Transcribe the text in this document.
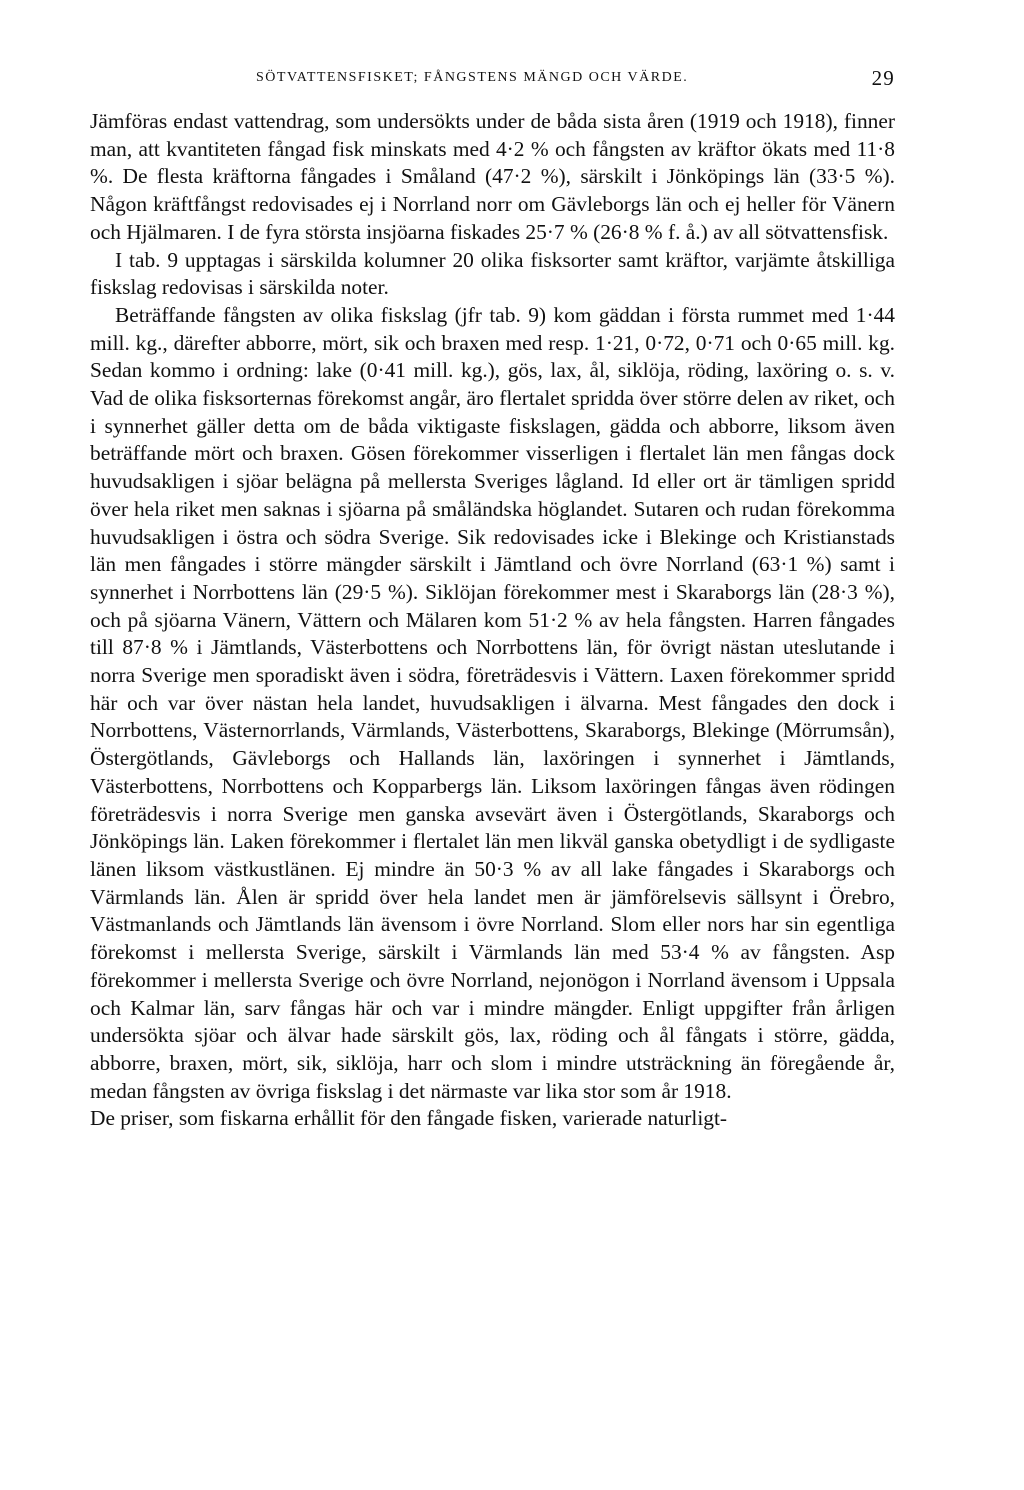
SÖTVATTENSFISKET; FÅNGSTENS MÄNGD OCH VÄRDE.	29

Jämföras endast vattendrag, som undersökts under de båda sista åren (1919 och 1918), finner man, att kvantiteten fångad fisk minskats med 4·2 % och fångsten av kräftor ökats med 11·8 %. De flesta kräftorna fångades i Småland (47·2 %), särskilt i Jönköpings län (33·5 %). Någon kräftfångst redovisades ej i Norrland norr om Gävleborgs län och ej heller för Vänern och Hjälmaren. I de fyra största insjöarna fiskades 25·7 % (26·8 % f. å.) av all sötvattensfisk.

I tab. 9 upptagas i särskilda kolumner 20 olika fisksorter samt kräftor, varjämte åtskilliga fiskslag redovisas i särskilda noter.

Beträffande fångsten av olika fiskslag (jfr tab. 9) kom gäddan i första rummet med 1·44 mill. kg., därefter abborre, mört, sik och braxen med resp. 1·21, 0·72, 0·71 och 0·65 mill. kg. Sedan kommo i ordning: lake (0·41 mill. kg.), gös, lax, ål, siklöja, röding, laxöring o. s. v. Vad de olika fisksorternas förekomst angår, äro flertalet spridda över större delen av riket, och i synnerhet gäller detta om de båda viktigaste fiskslagen, gädda och abborre, liksom även beträffande mört och braxen. Gösen förekommer visserligen i flertalet län men fångas dock huvudsakligen i sjöar belägna på mellersta Sveriges lågland. Id eller ort är tämligen spridd över hela riket men saknas i sjöarna på småländska höglandet. Sutaren och rudan förekomma huvudsakligen i östra och södra Sverige. Sik redovisades icke i Blekinge och Kristianstads län men fångades i större mängder särskilt i Jämtland och övre Norrland (63·1 %) samt i synnerhet i Norrbottens län (29·5 %). Siklöjan förekommer mest i Skaraborgs län (28·3 %), och på sjöarna Vänern, Vättern och Mälaren kom 51·2 % av hela fångsten. Harren fångades till 87·8 % i Jämtlands, Västerbottens och Norrbottens län, för övrigt nästan uteslutande i norra Sverige men sporadiskt även i södra, företrädesvis i Vättern. Laxen förekommer spridd här och var över nästan hela landet, huvudsakligen i älvarna. Mest fångades den dock i Norrbottens, Västernorrlands, Värmlands, Västerbottens, Skaraborgs, Blekinge (Mörrumsån), Östergötlands, Gävleborgs och Hallands län, laxöringen i synnerhet i Jämtlands, Västerbottens, Norrbottens och Kopparbergs län. Liksom laxöringen fångas även rödingen företrädesvis i norra Sverige men ganska avsevärt även i Östergötlands, Skaraborgs och Jönköpings län. Laken förekommer i flertalet län men likväl ganska obetydligt i de sydligaste länen liksom västkustlänen. Ej mindre än 50·3 % av all lake fångades i Skaraborgs och Värmlands län. Ålen är spridd över hela landet men är jämförelsevis sällsynt i Örebro, Västmanlands och Jämtlands län ävensom i övre Norrland. Slom eller nors har sin egentliga förekomst i mellersta Sverige, särskilt i Värmlands län med 53·4 % av fångsten. Asp förekommer i mellersta Sverige och övre Norrland, nejonögon i Norrland ävensom i Uppsala och Kalmar län, sarv fångas här och var i mindre mängder. Enligt uppgifter från årligen undersökta sjöar och älvar hade särskilt gös, lax, röding och ål fångats i större, gädda, abborre, braxen, mört, sik, siklöja, harr och slom i mindre utsträckning än föregående år, medan fångsten av övriga fiskslag i det närmaste var lika stor som år 1918.

De priser, som fiskarna erhållit för den fångade fisken, varierade naturligt-
